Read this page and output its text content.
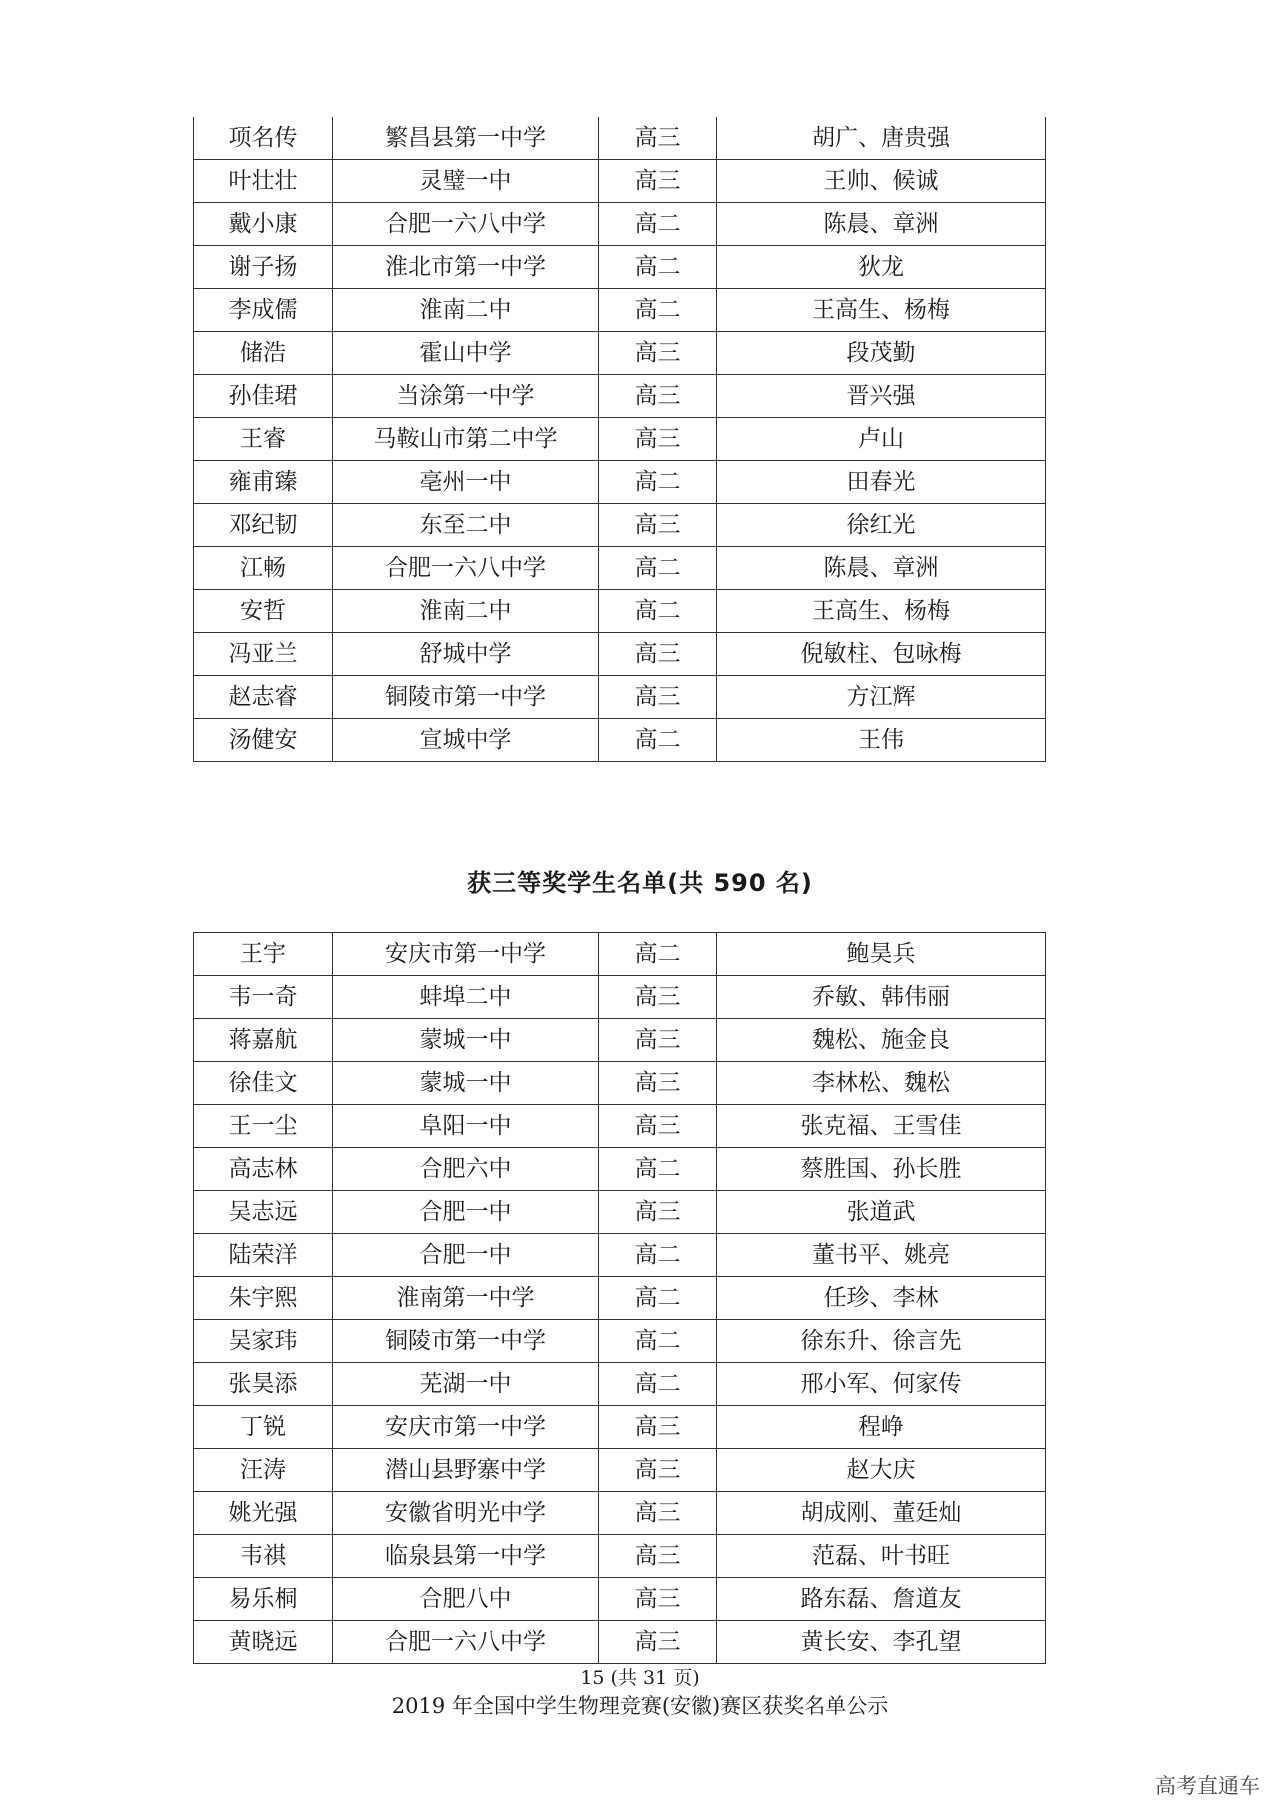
项名传	繁昌县第一中学	高三	胡广、唐贵强
叶壮壮	灵璧一中	高三	王帅、候诚
戴小康	合肥一六八中学	高二	陈晨、章洲
谢子扬	淮北市第一中学	高二	狄龙
李成儒	淮南二中	高二	王高生、杨梅
储浩	霍山中学	高三	段茂勤
孙佳珺	当涂第一中学	高三	晋兴强
王睿	马鞍山市第二中学	高三	卢山
雍甫臻	亳州一中	高二	田春光
邓纪韧	东至二中	高三	徐红光
江畅	合肥一六八中学	高二	陈晨、章洲
安哲	淮南二中	高二	王高生、杨梅
冯亚兰	舒城中学	高三	倪敏柱、包咏梅
赵志睿	铜陵市第一中学	高三	方江辉
汤健安	宣城中学	高二	王伟
获三等奖学生名单(共 590 名)
王宇	安庆市第一中学	高二	鲍昊兵
韦一奇	蚌埠二中	高三	乔敏、韩伟丽
蒋嘉航	蒙城一中	高三	魏松、施金良
徐佳文	蒙城一中	高三	李林松、魏松
王一尘	阜阳一中	高三	张克福、王雪佳
高志林	合肥六中	高二	蔡胜国、孙长胜
吴志远	合肥一中	高三	张道武
陆荣洋	合肥一中	高二	董书平、姚亮
朱宇熙	淮南第一中学	高二	任珍、李林
吴家玮	铜陵市第一中学	高二	徐东升、徐言先
张昊添	芜湖一中	高二	邢小军、何家传
丁锐	安庆市第一中学	高三	程峥
汪涛	潜山县野寨中学	高三	赵大庆
姚光强	安徽省明光中学	高三	胡成刚、董廷灿
韦祺	临泉县第一中学	高三	范磊、叶书旺
易乐桐	合肥八中	高三	路东磊、詹道友
黄晓远	合肥一六八中学	高三	黄长安、李孔望
15 (共 31 页)
2019 年全国中学生物理竞赛(安徽)赛区获奖名单公示
高考直通车
